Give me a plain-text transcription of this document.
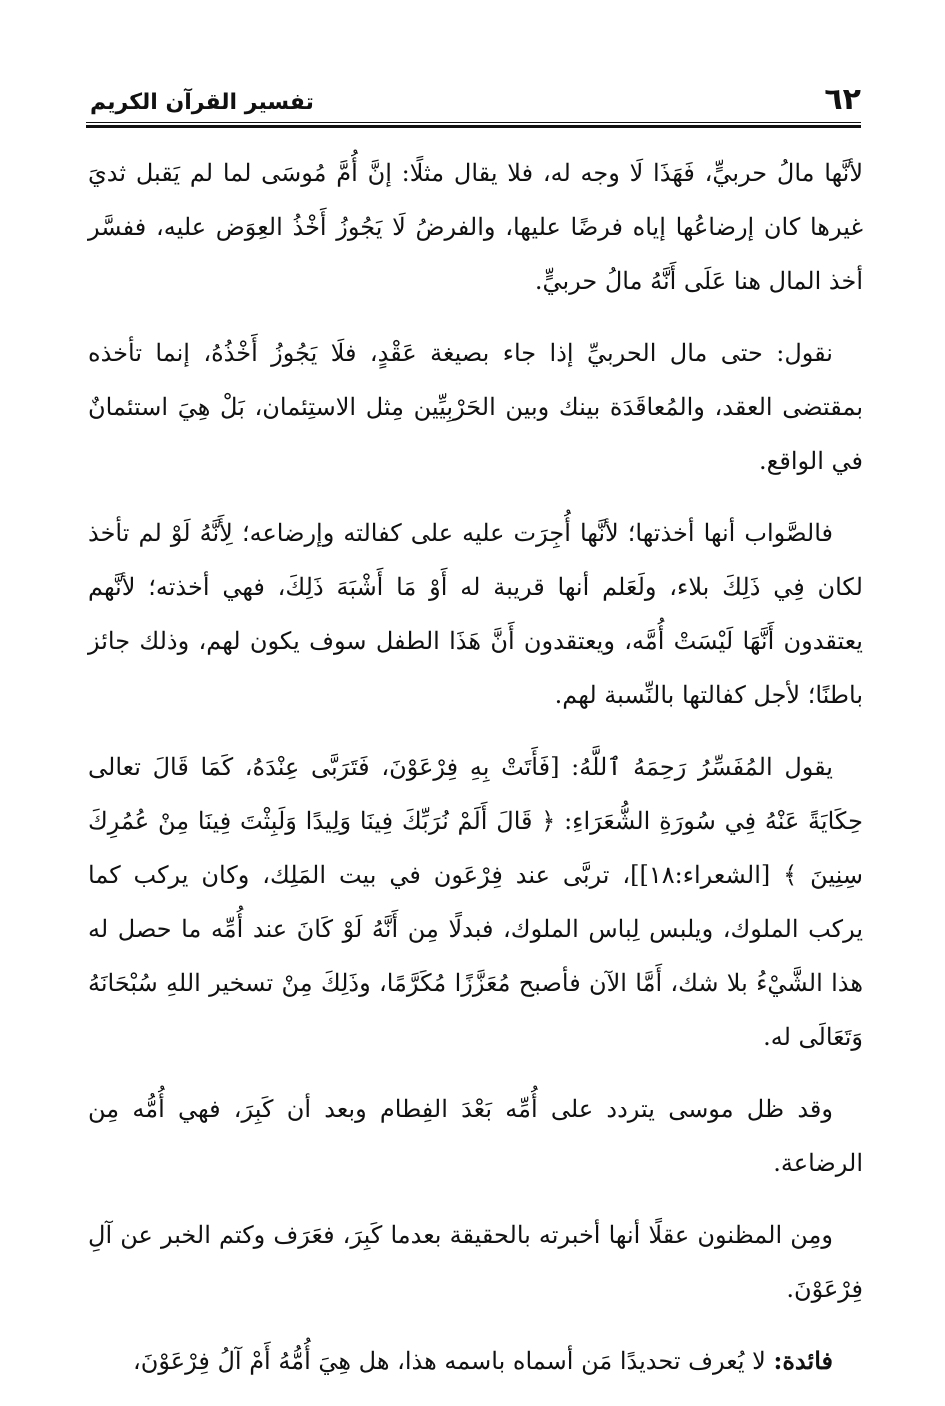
٦٢
تفسير القرآن الكريم

لأنَّها مالُ حربيٍّ، فَهَذَا لَا وجه له، فلا يقال مثلًا: إنَّ أُمَّ مُوسَى لما لم يَقبل ثديَ غيرها كان إرضاعُها إياه فرضًا عليها، والفرضُ لَا يَجُوزُ أَخْذُ العِوَض عليه، ففسَّر أخذ المال هنا عَلَى أَنَّهُ مالُ حربيٍّ.

نقول: حتى مال الحربيِّ إذا جاء بصيغة عَقْدٍ، فلَا يَجُوزُ أَخْذُهُ، إنما تأخذه بمقتضى العقد، والمُعاقَدَة بينك وبين الحَرْبِيِّين مِثل الاستِئمان، بَلْ هِيَ استئمانٌ في الواقع.

فالصَّواب أنها أخذتها؛ لأنَّها أُجِرَت عليه على كفالته وإرضاعه؛ لِأَنَّهُ لَوْ لم تأخذ لكان فِي ذَلِكَ بلاء، ولَعَلم أنها قريبة له أَوْ مَا أَشْبَهَ ذَلِكَ، فهي أخذته؛ لأنَّهم يعتقدون أَنَّهَا لَيْسَتْ أُمَّه، ويعتقدون أَنَّ هَذَا الطفل سوف يكون لهم، وذلك جائز باطنًا؛ لأجل كفالتها بالنِّسبة لهم.

يقول المُفَسِّرُ رَحِمَهُ ٱللَّهُ: [فَأَتَتْ بِهِ فِرْعَوْنَ، فَتَرَبَّى عِنْدَهُ، كَمَا قَالَ تعالى حِكَايَةً عَنْهُ فِي سُورَةِ الشُّعَرَاءِ: ﴿ قَالَ أَلَمْ نُرَبِّكَ فِينَا وَلِيدًا وَلَبِثْتَ فِينَا مِنْ عُمُرِكَ سِنِينَ ﴾ [الشعراء:١٨]]، تربَّى عند فِرْعَون في بيت المَلِك، وكان يركب كما يركب الملوك، ويلبس لِباس الملوك، فبدلًا مِن أَنَّهُ لَوْ كَانَ عند أُمِّه ما حصل له هذا الشَّيْءُ بلا شك، أَمَّا الآن فأصبح مُعَزَّزًا مُكَرَّمًا، وذَلِكَ مِنْ تسخير اللهِ سُبْحَانَهُ وَتَعَالَى له.

وقد ظل موسى يتردد على أُمِّه بَعْدَ الفِطام وبعد أن كَبِرَ، فهي أُمُّه مِن الرضاعة.

ومِن المظنون عقلًا أنها أخبرته بالحقيقة بعدما كَبِرَ، فعَرَف وكتم الخبر عن آلِ فِرْعَوْنَ.

فائدة: لا يُعرف تحديدًا مَن أسماه باسمه هذا، هل هِيَ أُمُّهُ أَمْ آلُ فِرْعَوْنَ،
